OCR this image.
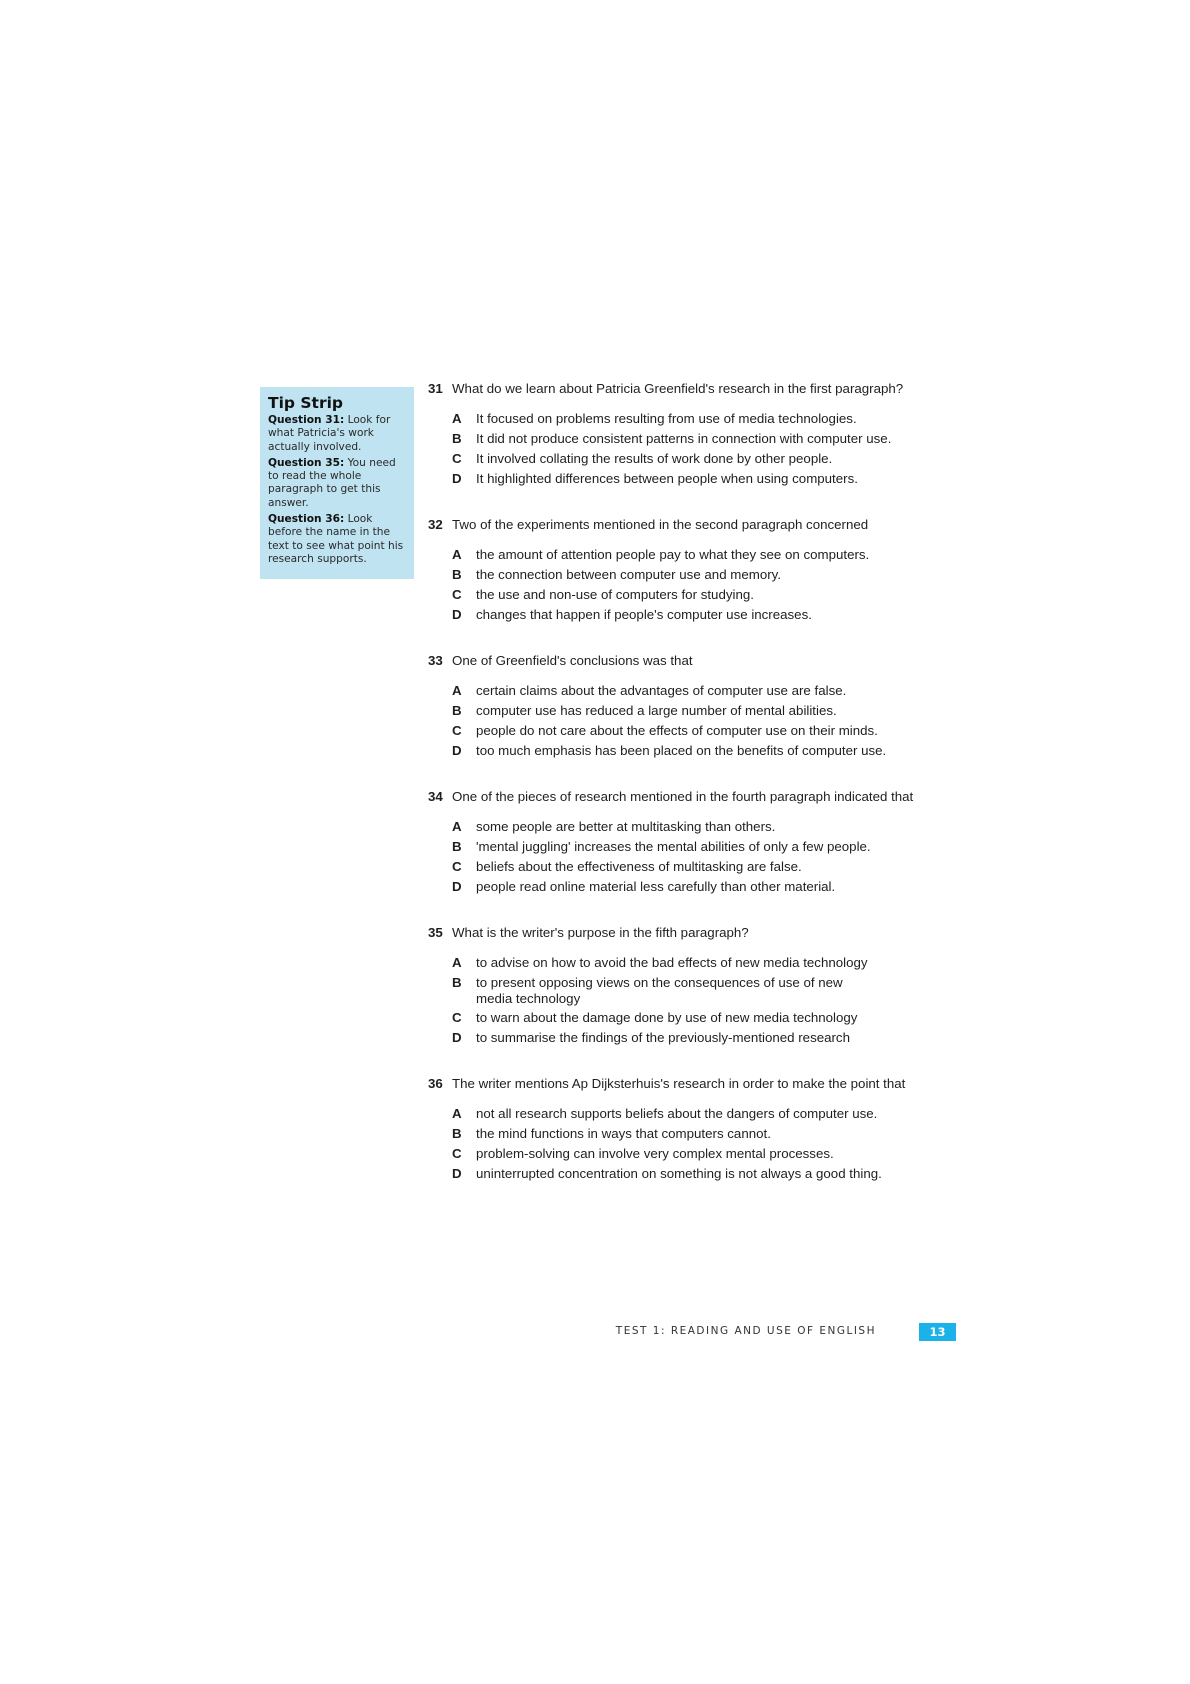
Tip Strip
Question 31: Look for what Patricia's work actually involved.
Question 35: You need to read the whole paragraph to get this answer.
Question 36: Look before the name in the text to see what point his research supports.
31 What do we learn about Patricia Greenfield's research in the first paragraph?
A	It focused on problems resulting from use of media technologies.
B	It did not produce consistent patterns in connection with computer use.
C	It involved collating the results of work done by other people.
D	It highlighted differences between people when using computers.
32 Two of the experiments mentioned in the second paragraph concerned
A	the amount of attention people pay to what they see on computers.
B	the connection between computer use and memory.
C	the use and non-use of computers for studying.
D	changes that happen if people's computer use increases.
33 One of Greenfield's conclusions was that
A	certain claims about the advantages of computer use are false.
B	computer use has reduced a large number of mental abilities.
C	people do not care about the effects of computer use on their minds.
D	too much emphasis has been placed on the benefits of computer use.
34 One of the pieces of research mentioned in the fourth paragraph indicated that
A	some people are better at multitasking than others.
B	'mental juggling' increases the mental abilities of only a few people.
C	beliefs about the effectiveness of multitasking are false.
D	people read online material less carefully than other material.
35 What is the writer's purpose in the fifth paragraph?
A	to advise on how to avoid the bad effects of new media technology
B	to present opposing views on the consequences of use of new media technology
C	to warn about the damage done by use of new media technology
D	to summarise the findings of the previously-mentioned research
36 The writer mentions Ap Dijksterhuis's research in order to make the point that
A	not all research supports beliefs about the dangers of computer use.
B	the mind functions in ways that computers cannot.
C	problem-solving can involve very complex mental processes.
D	uninterrupted concentration on something is not always a good thing.
TEST 1: READING AND USE OF ENGLISH	13
